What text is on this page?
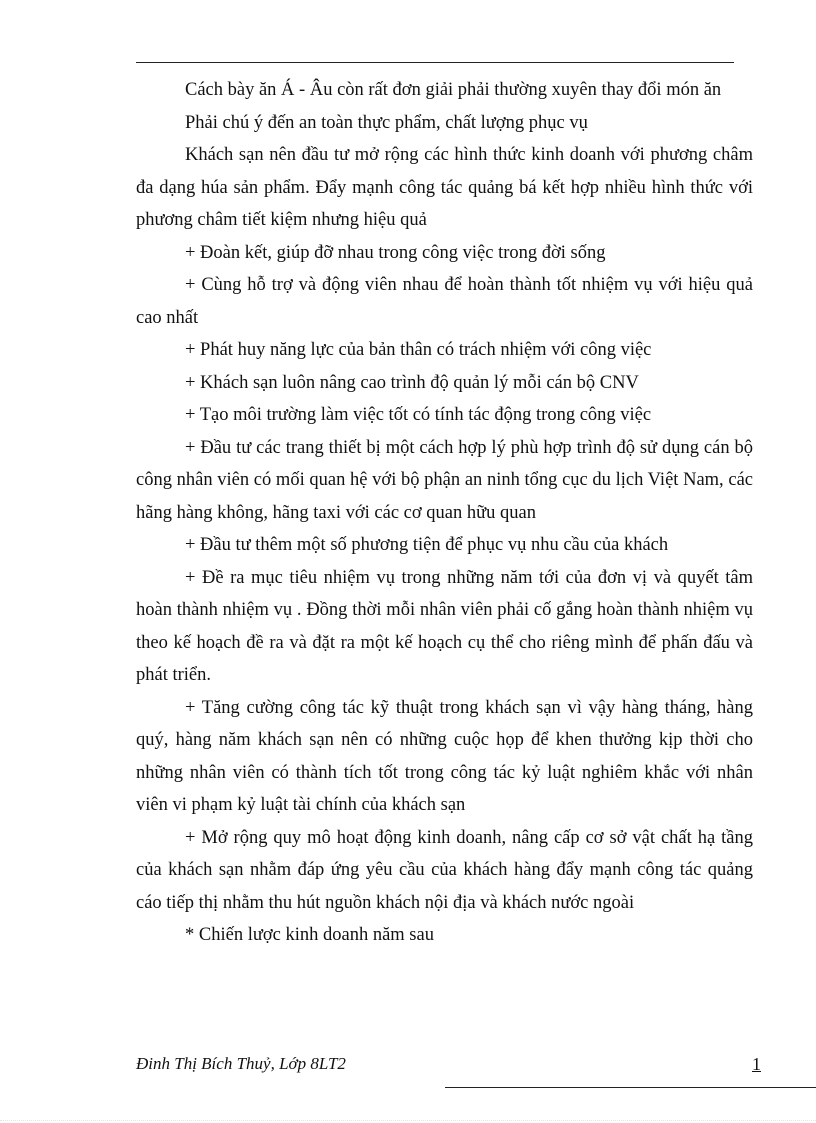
Cách bày ăn Á - Âu còn rất đơn giải phải thường xuyên thay đổi món ăn

Phải chú ý đến an toàn thực phẩm, chất lượng phục vụ

Khách sạn nên đầu tư mở rộng các hình thức kinh doanh với phương châm đa dạng húa sản phẩm. Đẩy mạnh công tác quảng bá kết hợp nhiều hình thức với phương châm tiết kiệm nhưng hiệu quả

+ Đoàn kết, giúp đỡ nhau trong công việc trong đời sống

+ Cùng hỗ trợ và động viên nhau để hoàn thành tốt nhiệm vụ với hiệu quả cao nhất

+ Phát huy năng lực của bản thân có trách nhiệm với công việc

+ Khách sạn luôn nâng cao trình độ quản lý mỗi cán bộ CNV

+ Tạo môi trường làm việc tốt có tính tác động trong công việc

+ Đầu tư các trang thiết bị một cách hợp lý phù hợp trình độ sử dụng cán bộ công nhân viên có mối quan hệ với bộ phận an ninh tổng cục du lịch Việt Nam, các hãng hàng không, hãng taxi với các cơ quan hữu quan

+ Đầu tư thêm một số phương tiện để phục vụ nhu cầu của khách

+ Đề ra mục tiêu nhiệm vụ trong những năm tới của đơn vị và quyết tâm hoàn thành nhiệm vụ . Đồng thời mỗi nhân viên phải cố gắng hoàn thành nhiệm vụ theo kế hoạch đề ra và đặt ra một kế hoạch cụ thể cho riêng mình để phấn đấu và phát triển.

+ Tăng cường công tác kỹ thuật trong khách sạn vì vậy hàng tháng, hàng quý, hàng năm khách sạn nên có những cuộc họp để khen thưởng kịp thời cho những nhân viên có thành tích tốt trong công tác kỷ luật nghiêm khắc với nhân viên vi phạm kỷ luật tài chính của khách sạn

+ Mở rộng quy mô hoạt động kinh doanh, nâng cấp cơ sở vật chất hạ tầng của khách sạn nhằm đáp ứng yêu cầu của khách hàng đẩy mạnh công tác quảng cáo tiếp thị nhằm thu hút nguồn khách nội địa và khách nước ngoài

* Chiến lược kinh doanh năm sau

Đinh Thị Bích Thuỷ, Lớp 8LT2	1
